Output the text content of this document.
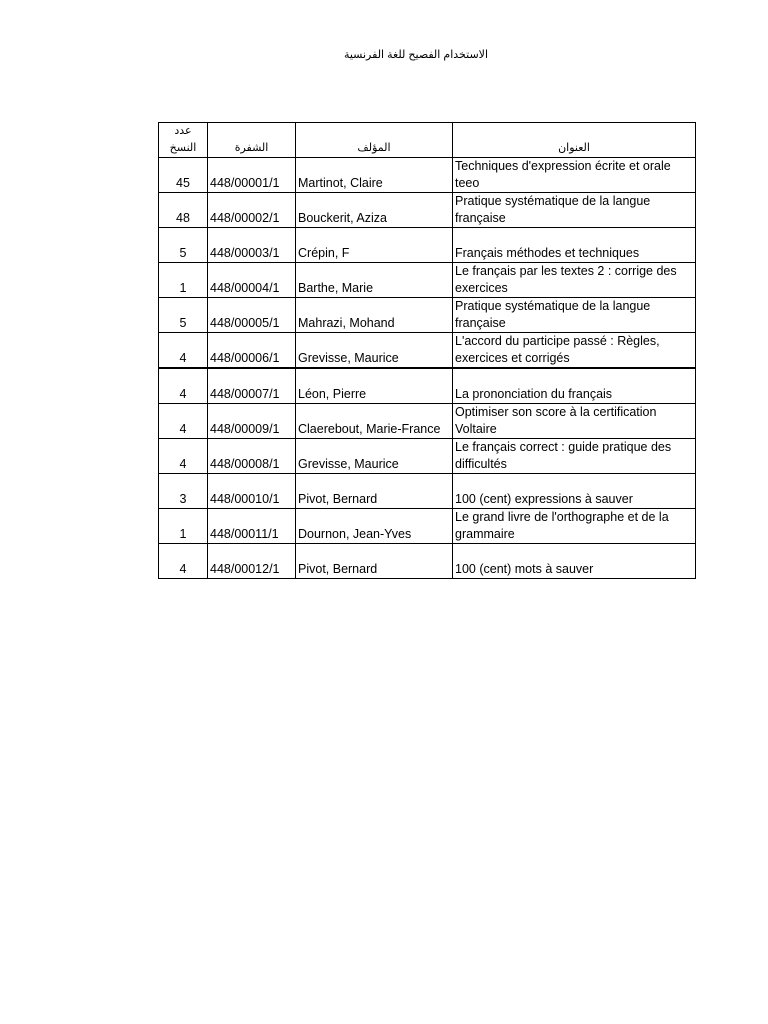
الاستخدام الفصيح للغة الفرنسية
عدد
النسخ	الشفرة	المؤلف	العنوان
45	448/00001/1	Martinot, Claire	Techniques d'expression écrite et orale teeo
48	448/00002/1	Bouckerit, Aziza	Pratique systématique de la langue française
5	448/00003/1	Crépin, F	Français méthodes et techniques
1	448/00004/1	Barthe, Marie	Le français par les textes 2 : corrige des exercices
5	448/00005/1	Mahrazi, Mohand	Pratique systématique de la langue française
4	448/00006/1	Grevisse, Maurice	L'accord du participe passé : Règles, exercices et corrigés
4	448/00007/1	Léon, Pierre	La prononciation du français
4	448/00009/1	Claerebout, Marie-France	Optimiser son score à la certification Voltaire
4	448/00008/1	Grevisse, Maurice	Le français correct : guide pratique des difficultés
3	448/00010/1	Pivot, Bernard	100 (cent) expressions à sauver
1	448/00011/1	Dournon, Jean-Yves	Le grand livre de l'orthographe et de la grammaire
4	448/00012/1	Pivot, Bernard	100 (cent) mots à sauver
